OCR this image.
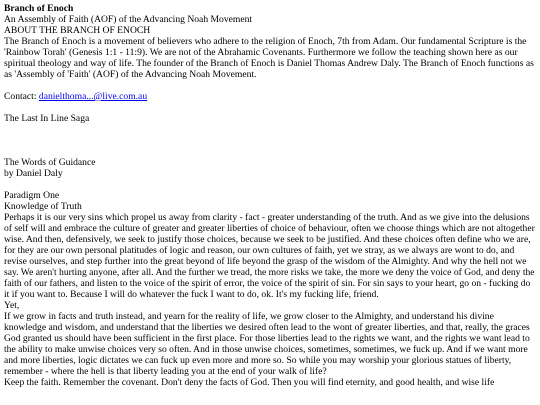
Branch of Enoch
An Assembly of Faith (AOF) of the Advancing Noah Movement
ABOUT THE BRANCH OF ENOCH

The Branch of Enoch is a movement of believers who adhere to the religion of Enoch, 7th from Adam. Our fundamental Scripture is the 'Rainbow Torah' (Genesis 1:1 - 11:9). We are not of the Abrahamic Covenants. Furthermore we follow the teaching shown here as our spiritual theology and way of life. The founder of the Branch of Enoch is Daniel Thomas Andrew Daly. The Branch of Enoch functions as as 'Assembly of 'Faith' (AOF) of the Advancing Noah Movement.

Contact: danielthoma...@live.com.au
The Last In Line Saga
The Words of Guidance
by Daniel Daly
Paradigm One
Knowledge of Truth

Perhaps it is our very sins which propel us away from clarity - fact - greater understanding of the truth. And as we give into the delusions of self will and embrace the culture of greater and greater liberties of choice of behaviour, often we choose things which are not altogether wise. And then, defensively, we seek to justify those choices, because we seek to be justified. And these choices often define who we are, for they are our own personal platitudes of logic and reason, our own cultures of faith, yet we stray, as we always are wont to do, and revise ourselves, and step further into the great beyond of life beyond the grasp of the wisdom of the Almighty. And why the hell not we say. We aren't hurting anyone, after all. And the further we tread, the more risks we take, the more we deny the voice of God, and deny the faith of our fathers, and listen to the voice of the spirit of error, the voice of the spirit of sin. For sin says to your heart, go on - fucking do it if you want to. Because I will do whatever the fuck I want to do, ok. It's my fucking life, friend.

Yet,

If we grow in facts and truth instead, and yearn for the reality of life, we grow closer to the Almighty, and understand his divine knowledge and wisdom, and understand that the liberties we desired often lead to the wont of greater liberties, and that, really, the graces God granted us should have been sufficient in the first place. For those liberties lead to the rights we want, and the rights we want lead to the ability to make unwise choices very so often. And in those unwise choices, sometimes, sometimes, we fuck up. And if we want more and more liberties, logic dictates we can fuck up even more and more so. So while you may worship your glorious statues of liberty, remember - where the hell is that liberty leading you at the end of your walk of life?

Keep the faith. Remember the covenant. Don't deny the facts of God. Then you will find eternity, and good health, and wise life
